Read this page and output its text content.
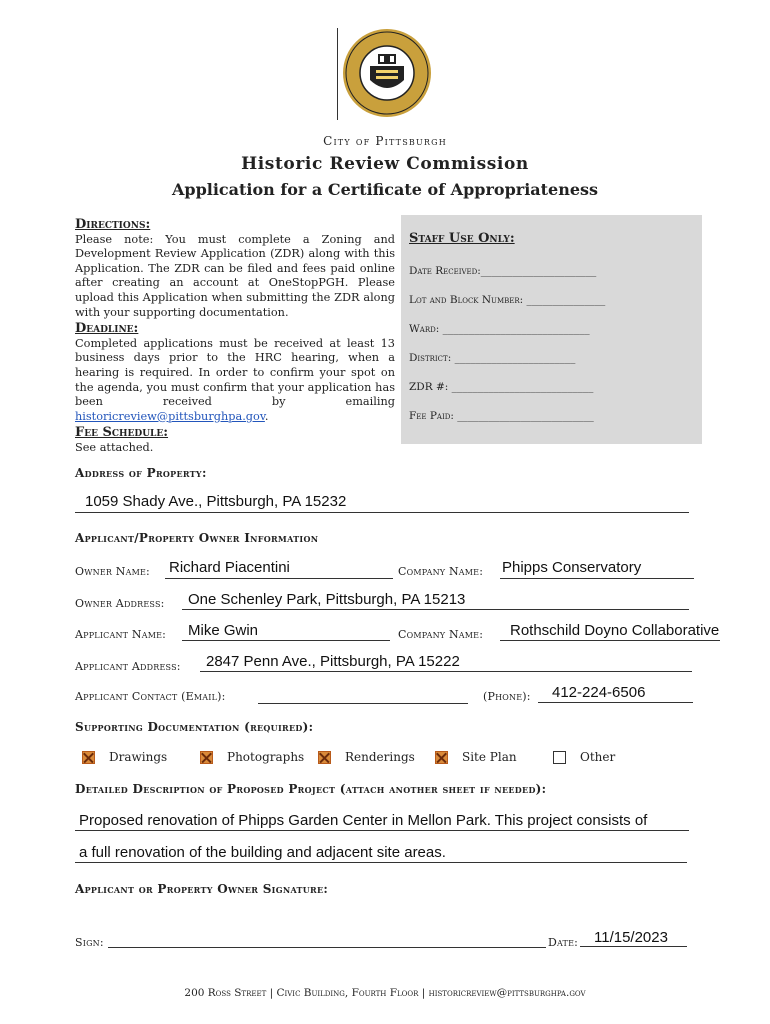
City of Pittsburgh
Historic Review Commission
Application for a Certificate of Appropriateness
Directions:

Please note: You must complete a Zoning and Development Review Application (ZDR) along with this Application. The ZDR can be filed and fees paid online after creating an account at OneStopPGH. Please upload this Application when submitting the ZDR along with your supporting documentation.

Deadline:

Completed applications must be received at least 13 business days prior to the HRC hearing, when a hearing is required. In order to confirm your spot on the agenda, you must confirm that your application has been received by emailing historicreview@pittsburghpa.gov.

Fee Schedule:

See attached.

Staff Use Only:
Date Received:______________________
Lot and Block Number: _______________
Ward: ____________________________
District: _______________________
ZDR #: ___________________________
Fee Paid: __________________________
Address of Property:
1059 Shady Ave., Pittsburgh, PA 15232
Applicant/Property Owner Information
Owner Name: Richard Piacentini	Company Name: Phipps Conservatory
Owner Address:	One Schenley Park, Pittsburgh, PA 15213
Applicant Name:	Mike Gwin	Company Name:	Rothschild Doyno Collaborative
Applicant Address:	2847 Penn Ave., Pittsburgh, PA 15222
Applicant Contact (Email):	(Phone):	412-224-6506
Supporting Documentation (required):
Drawings	Photographs	Renderings	Site Plan	Other
Detailed Description of Proposed Project (attach another sheet if needed):
Proposed renovation of Phipps Garden Center in Mellon Park. This project consists of
a full renovation of the building and adjacent site areas.
Applicant or Property Owner Signature:
Sign:	Date:	11/15/2023
200 Ross Street | Civic Building, Fourth Floor | historicreview@pittsburghpa.gov
